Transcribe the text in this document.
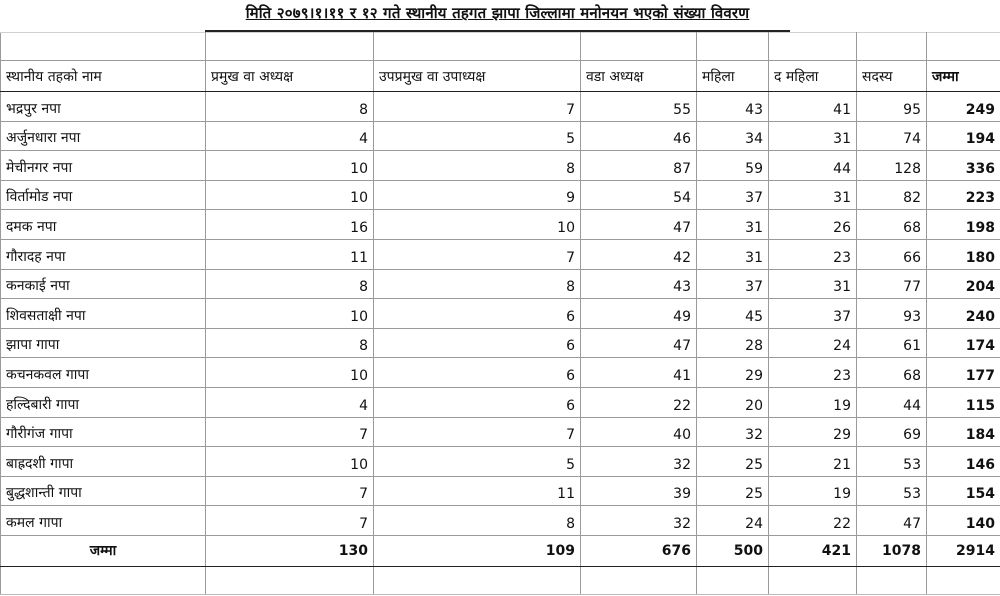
मिति २०७९।१।११ र १२ गते स्थानीय तहगत झापा जिल्लामा मनोनयन भएको संख्या विवरण

स्थानीय तहको नाम	प्रमुख वा अध्यक्ष	उपप्रमुख वा उपाध्यक्ष	वडा अध्यक्ष	महिला	द महिला	सदस्य	जम्मा
भद्रपुर नपा	8	7	55	43	41	95	249
अर्जुनधारा नपा	4	5	46	34	31	74	194
मेचीनगर नपा	10	8	87	59	44	128	336
विर्तामोड नपा	10	9	54	37	31	82	223
दमक नपा	16	10	47	31	26	68	198
गौरादह नपा	11	7	42	31	23	66	180
कनकाई नपा	8	8	43	37	31	77	204
शिवसताक्षी नपा	10	6	49	45	37	93	240
झापा गापा	8	6	47	28	24	61	174
कचनकवल गापा	10	6	41	29	23	68	177
हल्दिबारी गापा	4	6	22	20	19	44	115
गौरीगंज गापा	7	7	40	32	29	69	184
बाह्रदशी गापा	10	5	32	25	21	53	146
बुद्धशान्ती गापा	7	11	39	25	19	53	154
कमल गापा	7	8	32	24	22	47	140
जम्मा	130	109	676	500	421	1078	2914
